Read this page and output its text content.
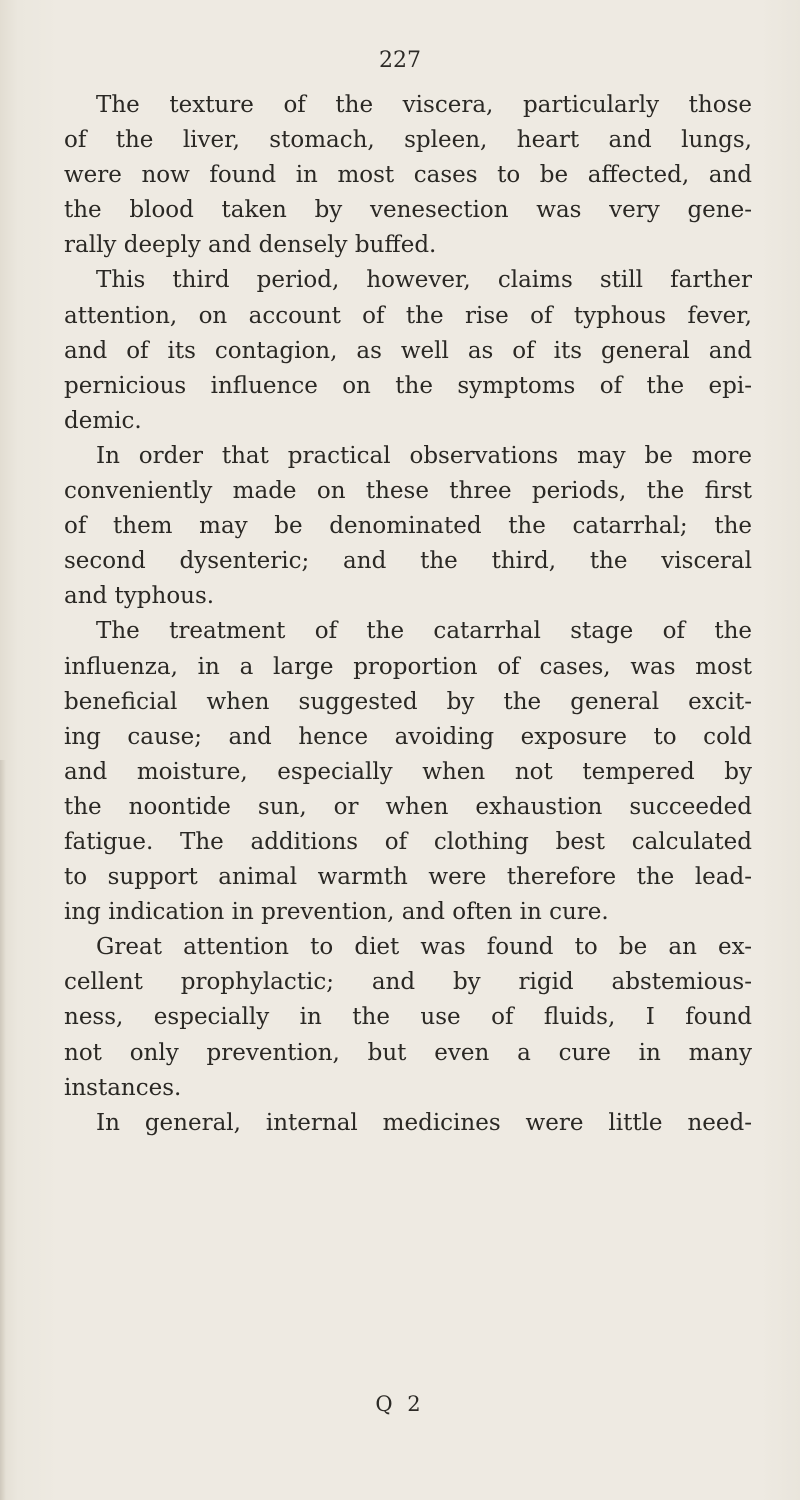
227
The texture of the viscera, particularly those
of the liver, stomach, spleen, heart and lungs,
were now found in most cases to be affected, and
the blood taken by venesection was very gene-
rally deeply and densely buffed.
This third period, however, claims still farther
attention, on account of the rise of typhous fever,
and of its contagion, as well as of its general and
pernicious influence on the symptoms of the epi-
demic.
In order that practical observations may be more
conveniently made on these three periods, the first
of them may be denominated the catarrhal; the
second dysenteric; and the third, the visceral
and typhous.
The treatment of the catarrhal stage of the
influenza, in a large proportion of cases, was most
beneficial when suggested by the general excit-
ing cause; and hence avoiding exposure to cold
and moisture, especially when not tempered by
the noontide sun, or when exhaustion succeeded
fatigue. The additions of clothing best calculated
to support animal warmth were therefore the lead-
ing indication in prevention, and often in cure.
Great attention to diet was found to be an ex-
cellent prophylactic; and by rigid abstemious-
ness, especially in the use of fluids, I found
not only prevention, but even a cure in many
instances.
In general, internal medicines were little need-
Q 2
